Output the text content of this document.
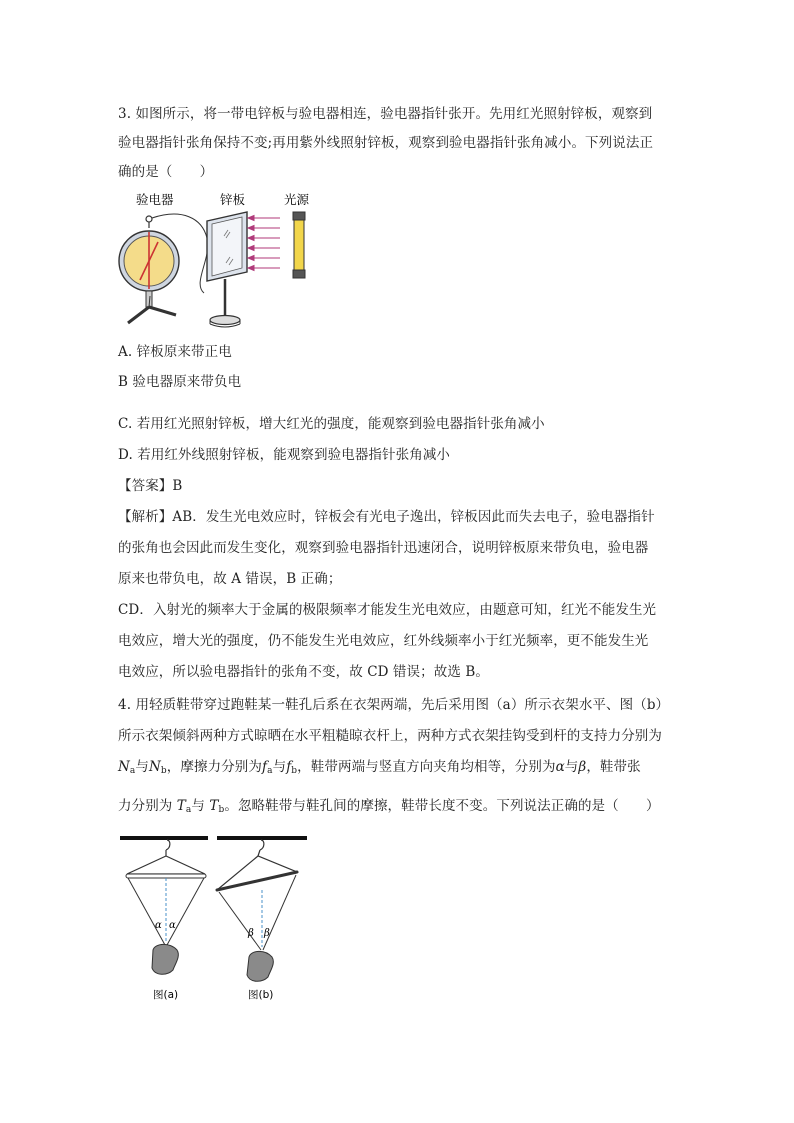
3. 如图所示，将一带电锌板与验电器相连，验电器指针张开。先用红光照射锌板，观察到
验电器指针张角保持不变;再用紫外线照射锌板，观察到验电器指针张角减小。下列说法正
确的是（　　）
验电器	锌板	光源
A. 锌板原来带正电
B 验电器原来带负电
C. 若用红光照射锌板，增大红光的强度，能观察到验电器指针张角减小
D. 若用红外线照射锌板，能观察到验电器指针张角减小
【答案】B
【解析】AB．发生光电效应时，锌板会有光电子逸出，锌板因此而失去电子，验电器指针
的张角也会因此而发生变化，观察到验电器指针迅速闭合，说明锌板原来带负电，验电器
原来也带负电，故 A 错误，B 正确；
CD．入射光的频率大于金属的极限频率才能发生光电效应，由题意可知，红光不能发生光
电效应，增大光的强度，仍不能发生光电效应，红外线频率小于红光频率，更不能发生光
电效应，所以验电器指针的张角不变，故 CD 错误；故选 B。
4. 用轻质鞋带穿过跑鞋某一鞋孔后系在衣架两端，先后采用图（a）所示衣架水平、图（b）
所示衣架倾斜两种方式晾晒在水平粗糙晾衣杆上，两种方式衣架挂钩受到杆的支持力分别为
$N_a$与$N_b$，摩擦力分别为$f_a$与$f_b$，鞋带两端与竖直方向夹角均相等，分别为α与β，鞋带张
力分别为 $T_a$与 $T_b$。忽略鞋带与鞋孔间的摩擦，鞋带长度不变。下列说法正确的是（　　）
α α
图(a)
β β
图(b)
